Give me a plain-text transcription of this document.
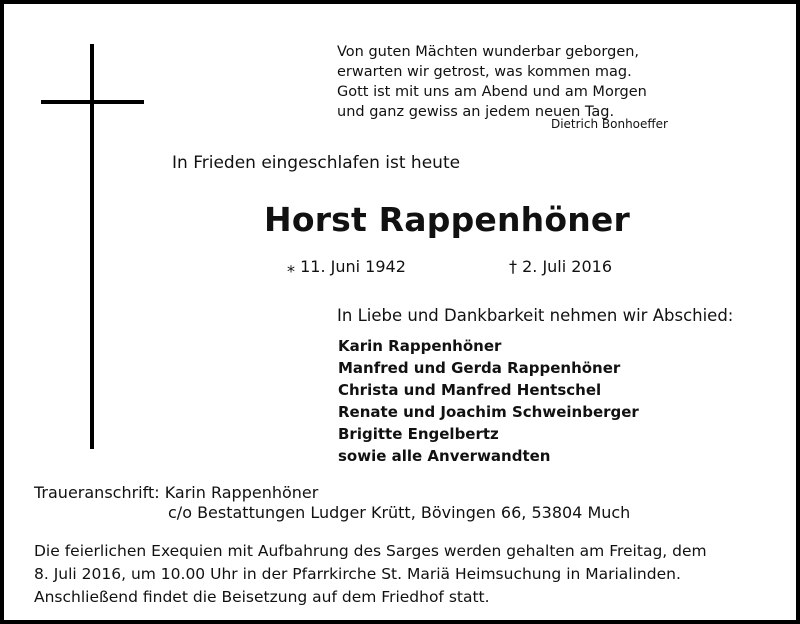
Von guten Mächten wunderbar geborgen,
erwarten wir getrost, was kommen mag.
Gott ist mit uns am Abend und am Morgen
und ganz gewiss an jedem neuen Tag.
Dietrich Bonhoeffer
In Frieden eingeschlafen ist heute
Horst Rappenhöner
⁎ 11. Juni 1942	† 2. Juli 2016
In Liebe und Dankbarkeit nehmen wir Abschied:
Karin Rappenhöner
Manfred und Gerda Rappenhöner
Christa und Manfred Hentschel
Renate und Joachim Schweinberger
Brigitte Engelbertz
sowie alle Anverwandten
Traueranschrift: Karin Rappenhöner
c/o Bestattungen Ludger Krütt, Bövingen 66, 53804 Much
Die feierlichen Exequien mit Aufbahrung des Sarges werden gehalten am Freitag, dem
8. Juli 2016, um 10.00 Uhr in der Pfarrkirche St. Mariä Heimsuchung in Marialinden.
Anschließend findet die Beisetzung auf dem Friedhof statt.
